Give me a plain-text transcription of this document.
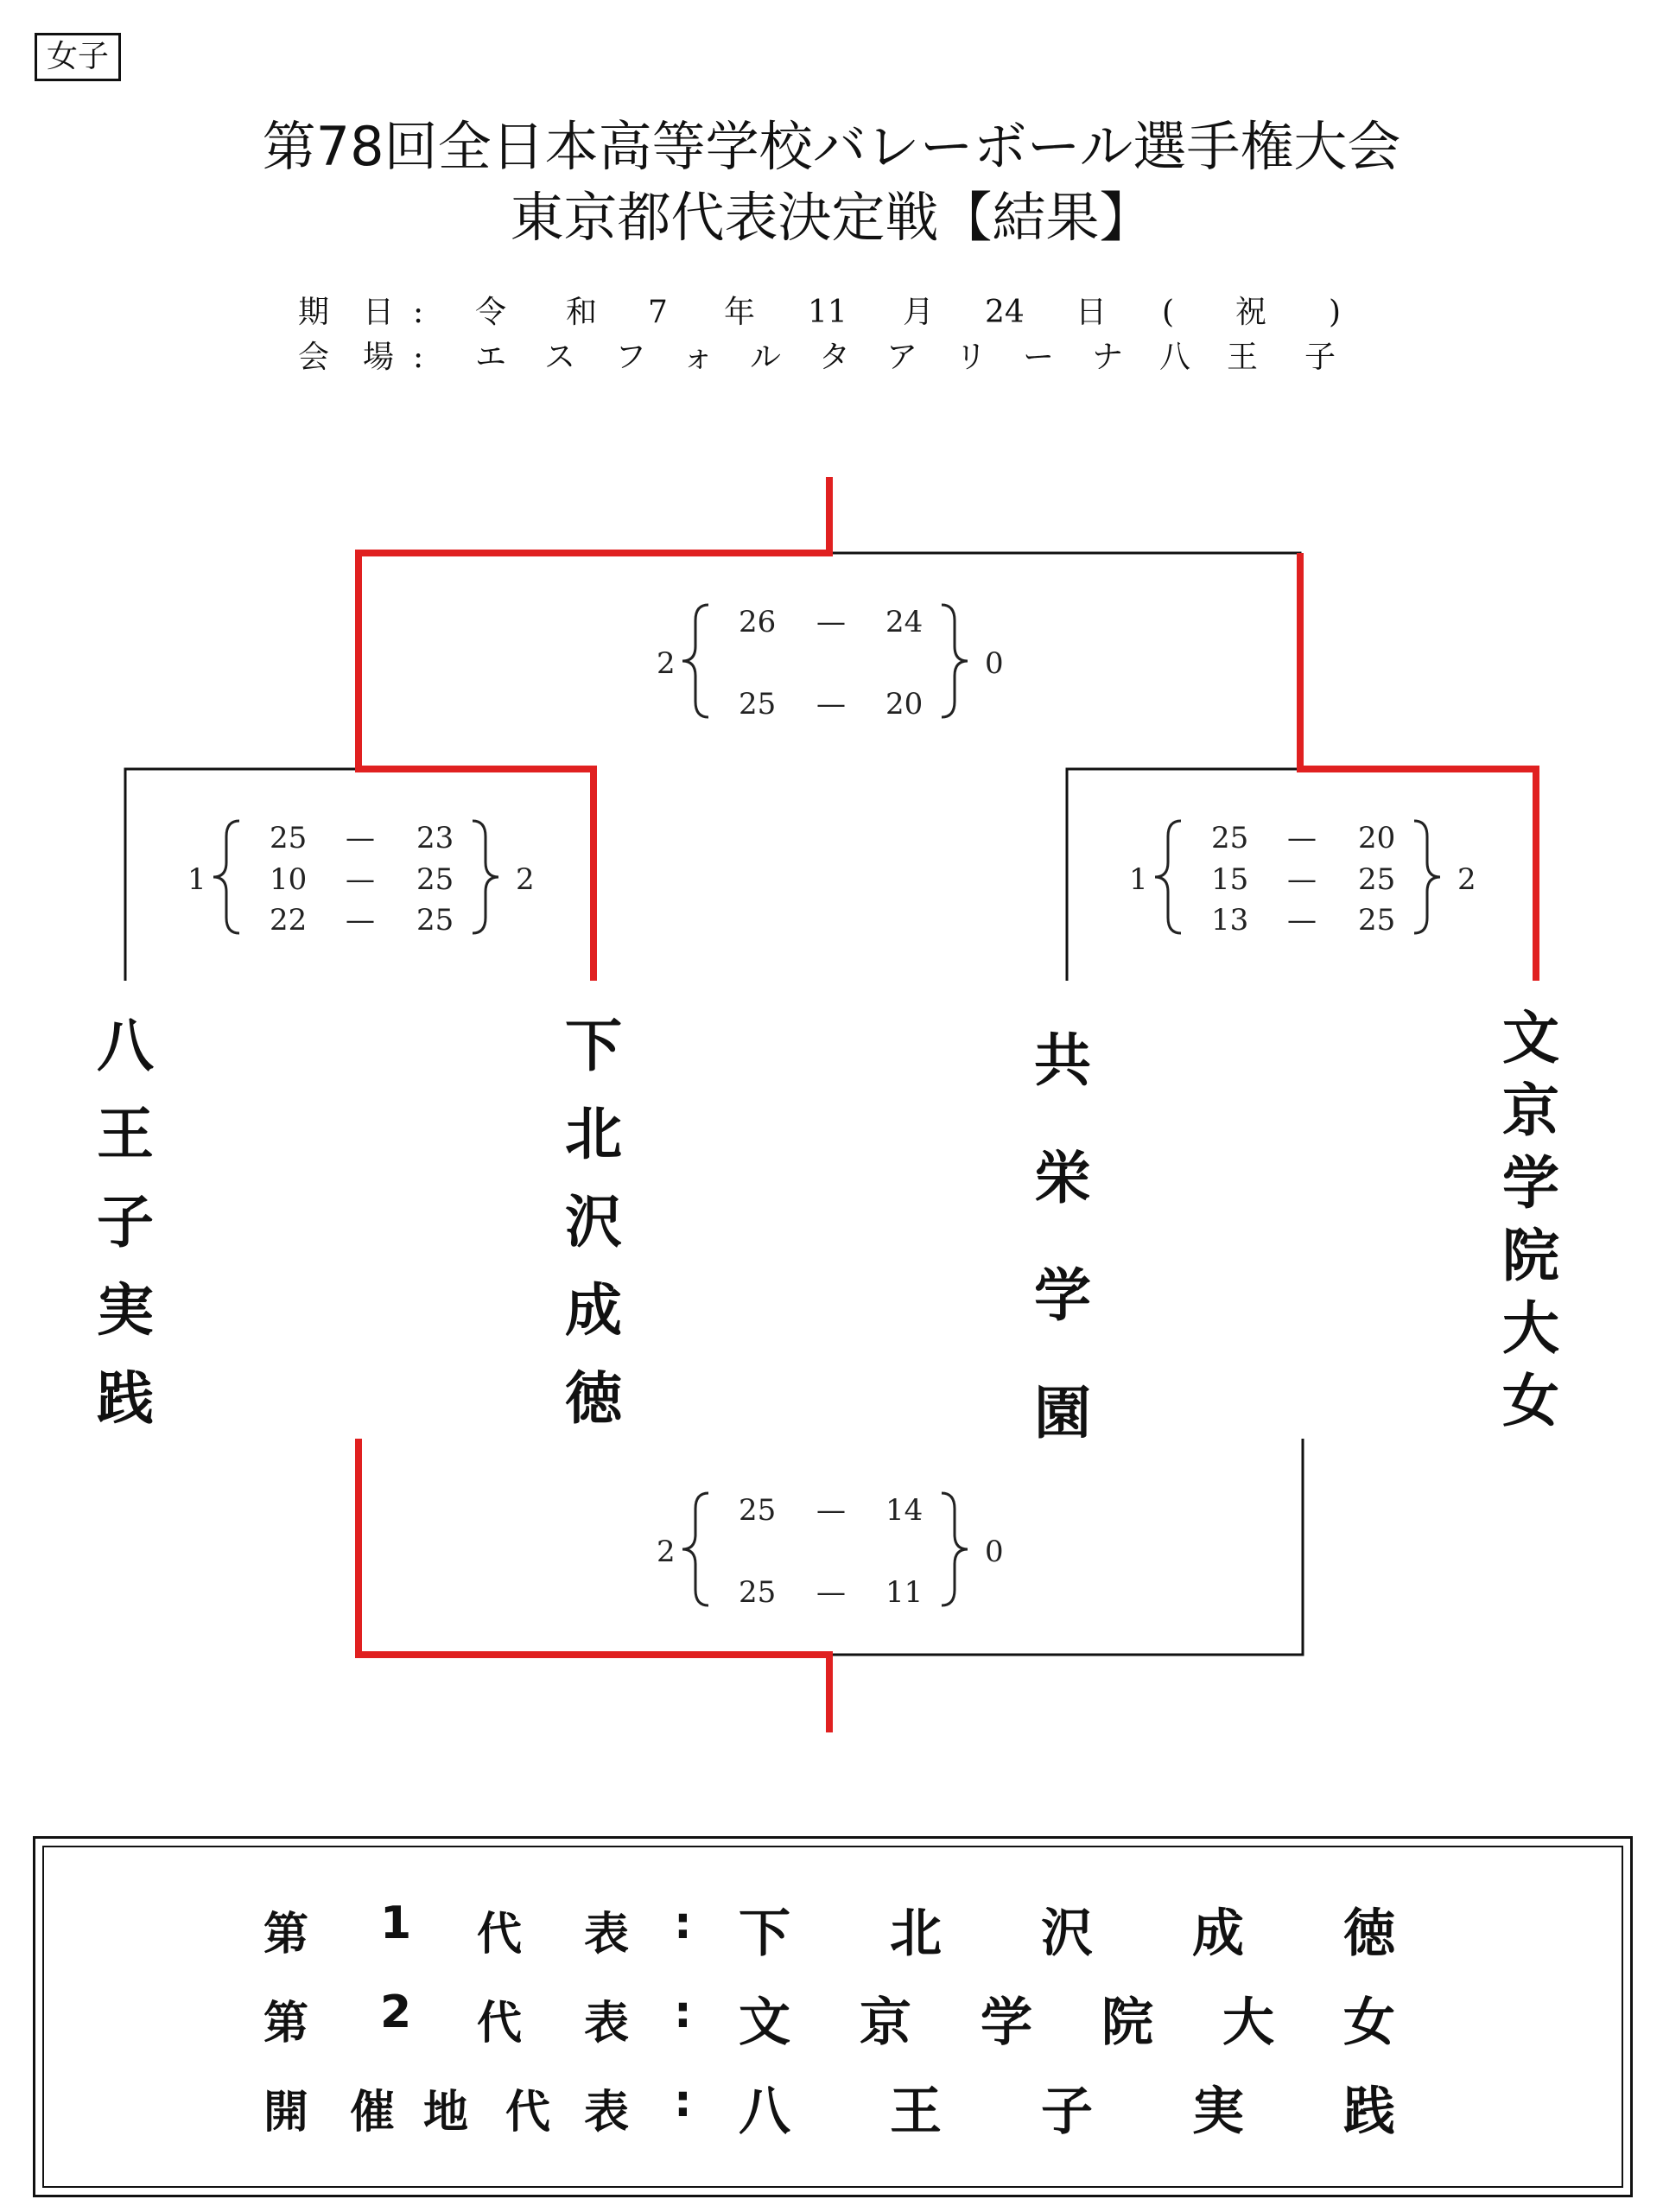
女子
第78回全日本高等学校バレーボール選手権大会
東京都代表決定戦【結果】
期 日 : 令 和 7 年 11 月 24 日 ( 祝 )
会 場 : エ ス フ ォ ル タ ア リ ー ナ 八 王 子
2	0
26 — 24
25 — 20
1	2
25 — 23
10 — 25
22 — 25
1	2
25 — 20
15 — 25
13 — 25
2	0
25 — 14
25 — 11
八
王
子
実
践
下
北
沢
成
徳
共
栄
学
園
文
京
学
院
大
女
第 1 代 表 : 下 北 沢 成 徳
第 2 代 表 : 文 京 学 院 大 女
開 催 地 代 表 : 八 王 子 実 践
